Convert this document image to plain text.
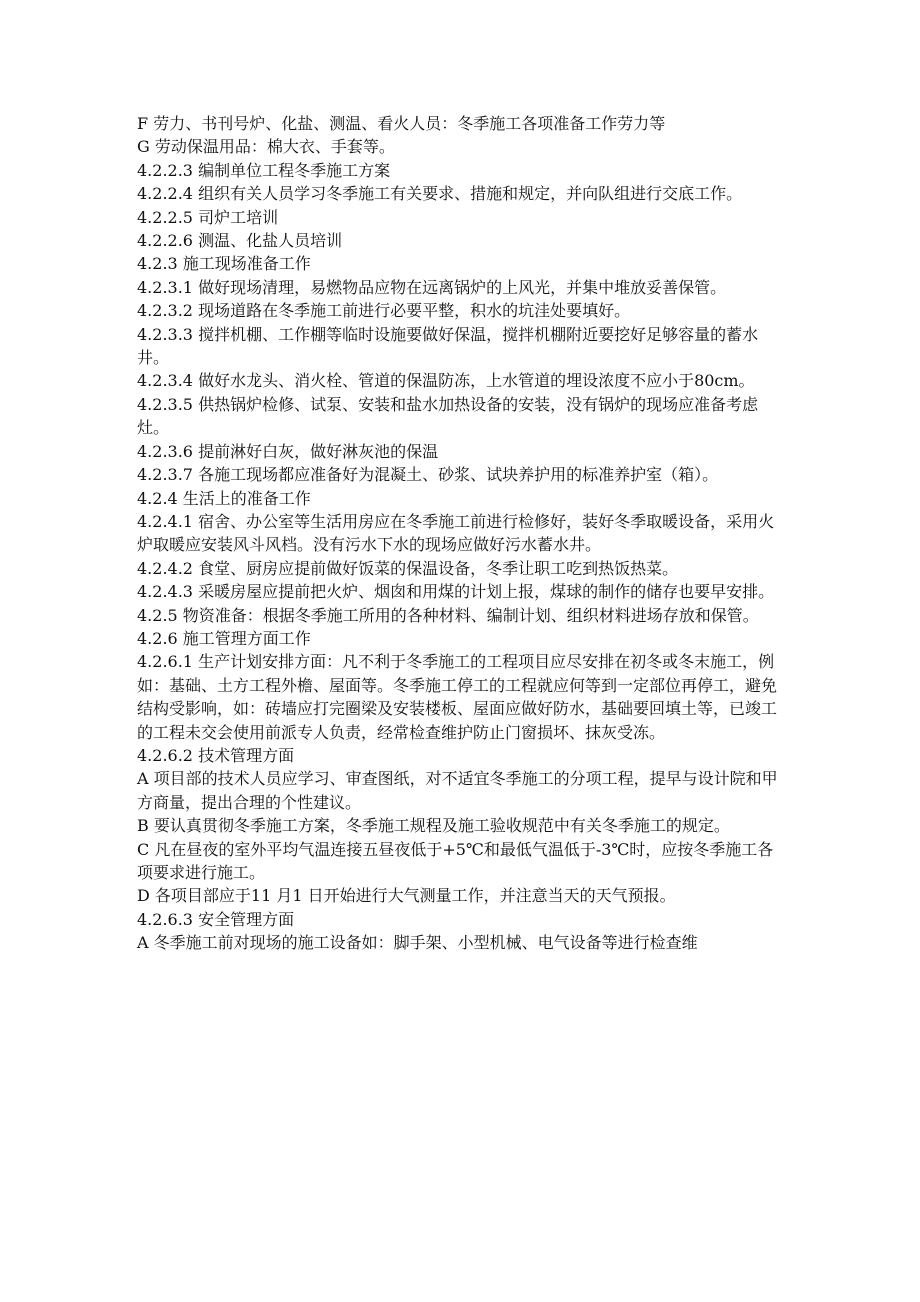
F 劳力、书刊号炉、化盐、测温、看火人员：冬季施工各项准备工作劳力等

G 劳动保温用品：棉大衣、手套等。

4.2.2.3 编制单位工程冬季施工方案

4.2.2.4 组织有关人员学习冬季施工有关要求、措施和规定，并向队组进行交底工作。

4.2.2.5 司炉工培训

4.2.2.6 测温、化盐人员培训

4.2.3 施工现场准备工作

4.2.3.1 做好现场清理，易燃物品应物在远离锅炉的上风光，并集中堆放妥善保管。

4.2.3.2 现场道路在冬季施工前进行必要平整，积水的坑洼处要填好。

4.2.3.3 搅拌机棚、工作棚等临时设施要做好保温，搅拌机棚附近要挖好足够容量的蓄水井。

4.2.3.4 做好水龙头、消火栓、管道的保温防冻，上水管道的埋设浓度不应小于80cm。

4.2.3.5 供热锅炉检修、试泵、安装和盐水加热设备的安装，没有锅炉的现场应准备考虑灶。

4.2.3.6 提前淋好白灰，做好淋灰池的保温

4.2.3.7 各施工现场都应准备好为混凝土、砂浆、试块养护用的标准养护室（箱）。

4.2.4 生活上的准备工作

4.2.4.1 宿舍、办公室等生活用房应在冬季施工前进行检修好，装好冬季取暖设备，采用火炉取暖应安装风斗风档。没有污水下水的现场应做好污水蓄水井。

4.2.4.2 食堂、厨房应提前做好饭菜的保温设备，冬季让职工吃到热饭热菜。

4.2.4.3 采暖房屋应提前把火炉、烟囱和用煤的计划上报，煤球的制作的储存也要早安排。

4.2.5 物资准备：根据冬季施工所用的各种材料、编制计划、组织材料进场存放和保管。

4.2.6 施工管理方面工作

4.2.6.1 生产计划安排方面：凡不利于冬季施工的工程项目应尽安排在初冬或冬末施工，例如：基础、土方工程外檐、屋面等。冬季施工停工的工程就应何等到一定部位再停工，避免结构受影响，如：砖墙应打完圈梁及安装楼板、屋面应做好防水，基础要回填土等，已竣工的工程未交会使用前派专人负责，经常检查维护防止门窗损坏、抹灰受冻。

4.2.6.2 技术管理方面

A 项目部的技术人员应学习、审查图纸，对不适宜冬季施工的分项工程，提早与设计院和甲方商量，提出合理的个性建议。

B 要认真贯彻冬季施工方案，冬季施工规程及施工验收规范中有关冬季施工的规定。

C 凡在昼夜的室外平均气温连接五昼夜低于+5℃和最低气温低于-3℃时，应按冬季施工各项要求进行施工。

D 各项目部应于11 月1 日开始进行大气测量工作，并注意当天的天气预报。

4.2.6.3 安全管理方面

A 冬季施工前对现场的施工设备如：脚手架、小型机械、电气设备等进行检查维
